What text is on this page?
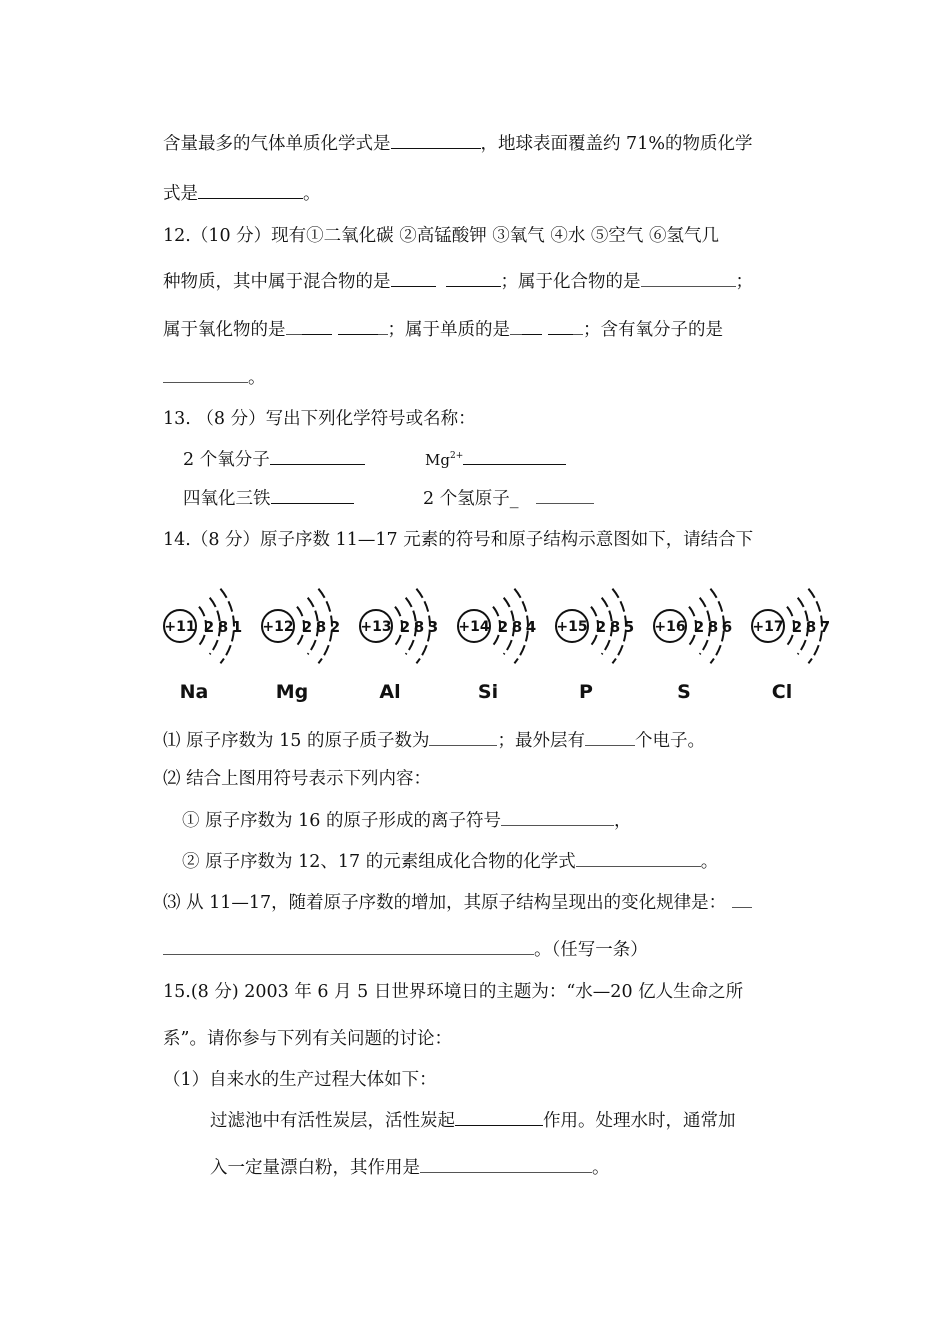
含量最多的气体单质化学式是	，地球表面覆盖约 71%的物质化学
式是	。
12.（10 分）现有①二氧化碳 ②高锰酸钾 ③氧气 ④水 ⑤空气 ⑥氢气几
种物质，其中属于混合物的是	；属于化合物的是	；
属于氧化物的是	；属于单质的是	；含有氧分子的是
。
13. （8 分）写出下列化学符号或名称：
2 个氧分子	$Mg^{2+}$
四氧化三铁	2 个氢原子_
14.（8 分）原子序数 11—17 元素的符号和原子结构示意图如下，请结合下
+11 2 8 1
Na
+12 2 8 2
Mg
+13 2 8 3
Al
+14 2 8 4
Si
+15 2 8 5
P
+16 2 8 6
S
+17 2 8 7
Cl
⑴ 原子序数为 15 的原子质子数为	；最外层有	个电子。
⑵ 结合上图用符号表示下列内容：
① 原子序数为 16 的原子形成的离子符号	，
② 原子序数为 12、17 的元素组成化合物的化学式	。
⑶ 从 11—17，随着原子序数的增加，其原子结构呈现出的变化规律是：
。（任写一条）
15.(8 分) 2003 年 6 月 5 日世界环境日的主题为：“水—20 亿人生命之所
系”。请你参与下列有关问题的讨论：
（1）自来水的生产过程大体如下：
过滤池中有活性炭层，活性炭起	作用。处理水时，通常加
入一定量漂白粉，其作用是	。
